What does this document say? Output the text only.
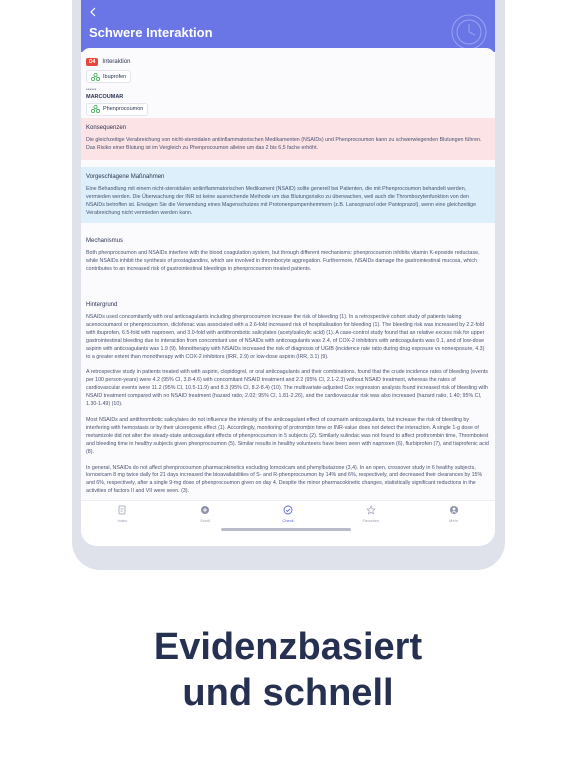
Schwere Interaktion
D4	Interaktion
Ibuprofen
••••••
MARCOUMAR
Phenprocoumon
Konsequenzen

Die gleichzeitige Verabreichung von nicht-steroidalen antiinflammatorischen Medikamenten (NSAIDs) und Phenprocoumon kann zu schwerwiegenden Blutungen führen. Das Risiko einer Blutung ist im Vergleich zu Phenprocoumon alleine um das 2 bis 6,5 fache erhöht.

Vorgeschlagene Maßnahmen

Eine Behandlung mit einem nicht-steroidalen antiinflammatorischen Medikament (NSAID) sollte generell bei Patienten, die mit Phenprocoumon behandelt werden, vermieden werden. Die Überwachung der INR ist keine ausreichende Methode um das Blutungsrisiko zu überwachen, weil auch die Thrombozytenfunktion von den NSAIDs betroffen ist. Erwägen Sie die Verwendung eines Magenschutzes mit Protonenpumpenhemmern (z.B. Lansoprazol oder Pantoprazol), wenn eine gleichzeitige Verabreichung nicht vermieden werden kann.

Mechanismus

Both phenprocoumon and NSAIDs interfere with the blood coagulation system, but through different mechanisms: phenprocoumon inhibits vitamin K-epoxide reductase, while NSAIDs inhibit the synthesis of prostaglandins, which are involved in thrombocyte aggregation. Furthermore, NSAIDs damage the gastrointestinal mucosa, which contributes to an increased risk of gastrointestinal bleedings in phenprocoumon treated patients.

Hintergrund

NSAIDs used concomitantly with oral anticoagulants including phenprocoumon increase the risk of bleeding (1). In a retrospective cohort study of patients taking acenocoumarol or phenprocoumon, diclofenac was associated with a 2.6-fold increased risk of hospitalisation for bleeding (1). The bleeding risk was increased by 2.2-fold with ibuprofen, 6.5-fold with naproxen, and 3.0-fold with antithrombotic salicylates (acetylsalicylic acid) (1). A case-control study found that an relative excess risk for upper gastrointestinal bleeding due to interaction from concomitant use of NSAIDs with anticoagulants was 2.4, of COX-2 inhibitors with anticoagulants was 0.1, and of low-dose aspirin with anticoagulants was 1.9 (9). Monotherapy with NSAIDs increased the risk of diagnosis of UGIB (incidence rate ratio during drug exposure vs nonexposure, 4.3) to a greater extent than monotherapy with COX-2 inhibitors (IRR, 2.9) or low-dose aspirin (IRR, 3.1) (9).

A retrospective study in patients treated with with aspirin, clopidogrel, or oral anticoagulants and their combinations, found that the crude incidence rates of bleeding (events per 100 person-years) were 4.2 (95% CI, 3.8-4.6) with concomitant NSAID treatment and 2.2 (95% CI, 2.1-2.3) without NSAID treatment, whereas the rates of cardiovascular events were 11.2 (95% CI, 10.5-11.9) and 8.3 (95% CI, 8.2-8.4) (10). The multivariate-adjusted Cox regression analysis found increased risk of bleeding with NSAID treatment compared with no NSAID treatment (hazard ratio, 2.02; 95% CI, 1.81-2.26), and the cardiovascular risk was also increased (hazard ratio, 1.40; 95% CI, 1.30-1.49) (10).

Most NSAIDs and antithrombotic salicylates do not influence the intensity of the anticoagulant effect of coumarin anticoagulants, but increase the risk of bleeding by interfering with hemostasis or by their ulcerogenic effect (1). Accordingly, monitoring of protrombin time or INR-value does not detect the interaction. A single 1-g dose of metamizole did not alter the steady-state anticoagulant effects of phenprocoumon in 5 subjects (2). Similarly sulindac was not found to affect prothrombin time, Thrombotest and bleeding time in healthy subjects given phenprocoumon (5). Similar results in healthy volunteers have been seen with naproxen (6), flurbiprofen (7), and tiaprofenic acid (8).

In general, NSAIDs do not affect phenprocoumon pharmacokinetics excluding lornoxicam and phenylbutazone (3,4). In an open, crossover study in 6 healthy subjects, lornoxicam 8 mg twice daily for 21 days increased the bioavailabilities of S- and R-phenprocoumon by 14% and 6%, respectively, and decreased their clearances by 15% and 6%, respectively, after a single 9-mg dose of phenprocoumon given on day 4. Despite the minor pharmacokinetic changes, statistically significant reductions in the activities of factors II and VII were seen. (3).

Index	Scroll	Check	Favoriten	Mehr
Evidenzbasiert
und schnell
